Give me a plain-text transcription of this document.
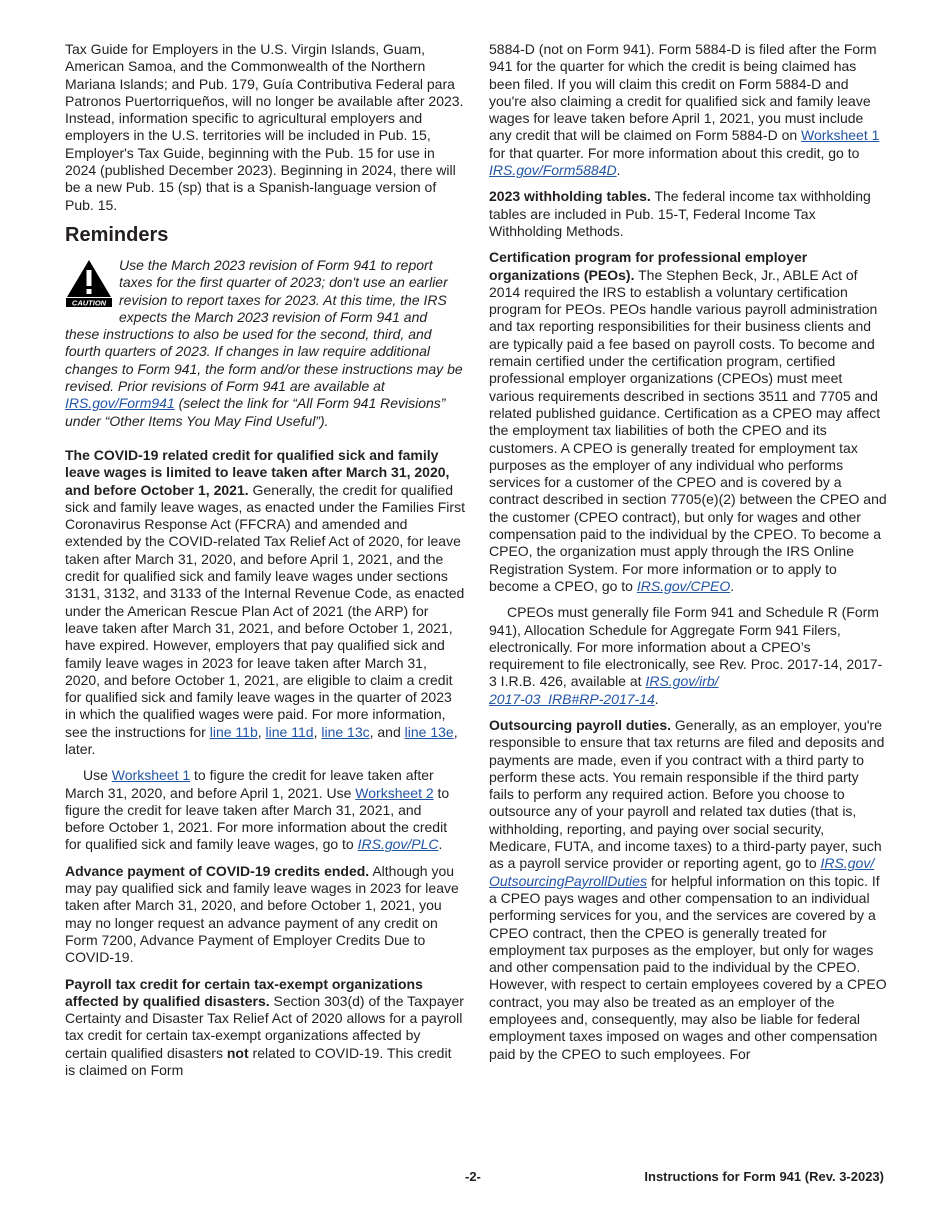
Tax Guide for Employers in the U.S. Virgin Islands, Guam, American Samoa, and the Commonwealth of the Northern Mariana Islands; and Pub. 179, Guía Contributiva Federal para Patronos Puertorriqueños, will no longer be available after 2023. Instead, information specific to agricultural employers and employers in the U.S. territories will be included in Pub. 15, Employer's Tax Guide, beginning with the Pub. 15 for use in 2024 (published December 2023). Beginning in 2024, there will be a new Pub. 15 (sp) that is a Spanish-language version of Pub. 15.

Reminders
CAUTION
Use the March 2023 revision of Form 941 to report taxes for the first quarter of 2023; don't use an earlier revision to report taxes for 2023. At this time, the IRS expects the March 2023 revision of Form 941 and these instructions to also be used for the second, third, and fourth quarters of 2023. If changes in law require additional changes to Form 941, the form and/or these instructions may be revised. Prior revisions of Form 941 are available at IRS.gov/Form941 (select the link for “All Form 941 Revisions” under “Other Items You May Find Useful”).

The COVID-19 related credit for qualified sick and family leave wages is limited to leave taken after March 31, 2020, and before October 1, 2021. Generally, the credit for qualified sick and family leave wages, as enacted under the Families First Coronavirus Response Act (FFCRA) and amended and extended by the COVID-related Tax Relief Act of 2020, for leave taken after March 31, 2020, and before April 1, 2021, and the credit for qualified sick and family leave wages under sections 3131, 3132, and 3133 of the Internal Revenue Code, as enacted under the American Rescue Plan Act of 2021 (the ARP) for leave taken after March 31, 2021, and before October 1, 2021, have expired. However, employers that pay qualified sick and family leave wages in 2023 for leave taken after March 31, 2020, and before October 1, 2021, are eligible to claim a credit for qualified sick and family leave wages in the quarter of 2023 in which the qualified wages were paid. For more information, see the instructions for line 11b, line 11d, line 13c, and line 13e, later.

Use Worksheet 1 to figure the credit for leave taken after March 31, 2020, and before April 1, 2021. Use Worksheet 2 to figure the credit for leave taken after March 31, 2021, and before October 1, 2021. For more information about the credit for qualified sick and family leave wages, go to IRS.gov/PLC.

Advance payment of COVID-19 credits ended. Although you may pay qualified sick and family leave wages in 2023 for leave taken after March 31, 2020, and before October 1, 2021, you may no longer request an advance payment of any credit on Form 7200, Advance Payment of Employer Credits Due to COVID-19.

Payroll tax credit for certain tax-exempt organizations affected by qualified disasters. Section 303(d) of the Taxpayer Certainty and Disaster Tax Relief Act of 2020 allows for a payroll tax credit for certain tax-exempt organizations affected by certain qualified disasters not related to COVID-19. This credit is claimed on Form

5884-D (not on Form 941). Form 5884-D is filed after the Form 941 for the quarter for which the credit is being claimed has been filed. If you will claim this credit on Form 5884-D and you're also claiming a credit for qualified sick and family leave wages for leave taken before April 1, 2021, you must include any credit that will be claimed on Form 5884-D on Worksheet 1 for that quarter. For more information about this credit, go to IRS.gov/Form5884D.

2023 withholding tables. The federal income tax withholding tables are included in Pub. 15-T, Federal Income Tax Withholding Methods.

Certification program for professional employer organizations (PEOs). The Stephen Beck, Jr., ABLE Act of 2014 required the IRS to establish a voluntary certification program for PEOs. PEOs handle various payroll administration and tax reporting responsibilities for their business clients and are typically paid a fee based on payroll costs. To become and remain certified under the certification program, certified professional employer organizations (CPEOs) must meet various requirements described in sections 3511 and 7705 and related published guidance. Certification as a CPEO may affect the employment tax liabilities of both the CPEO and its customers. A CPEO is generally treated for employment tax purposes as the employer of any individual who performs services for a customer of the CPEO and is covered by a contract described in section 7705(e)(2) between the CPEO and the customer (CPEO contract), but only for wages and other compensation paid to the individual by the CPEO. To become a CPEO, the organization must apply through the IRS Online Registration System. For more information or to apply to become a CPEO, go to IRS.gov/CPEO.

CPEOs must generally file Form 941 and Schedule R (Form 941), Allocation Schedule for Aggregate Form 941 Filers, electronically. For more information about a CPEO’s requirement to file electronically, see Rev. Proc. 2017-14, 2017-3 I.R.B. 426, available at IRS.gov/irb/
2017-03_IRB#RP-2017-14.

Outsourcing payroll duties. Generally, as an employer, you're responsible to ensure that tax returns are filed and deposits and payments are made, even if you contract with a third party to perform these acts. You remain responsible if the third party fails to perform any required action. Before you choose to outsource any of your payroll and related tax duties (that is, withholding, reporting, and paying over social security, Medicare, FUTA, and income taxes) to a third-party payer, such as a payroll service provider or reporting agent, go to IRS.gov/
OutsourcingPayrollDuties for helpful information on this topic. If a CPEO pays wages and other compensation to an individual performing services for you, and the services are covered by a CPEO contract, then the CPEO is generally treated for employment tax purposes as the employer, but only for wages and other compensation paid to the individual by the CPEO. However, with respect to certain employees covered by a CPEO contract, you may also be treated as an employer of the employees and, consequently, may also be liable for federal employment taxes imposed on wages and other compensation paid by the CPEO to such employees. For

-2-	Instructions for Form 941 (Rev. 3-2023)
